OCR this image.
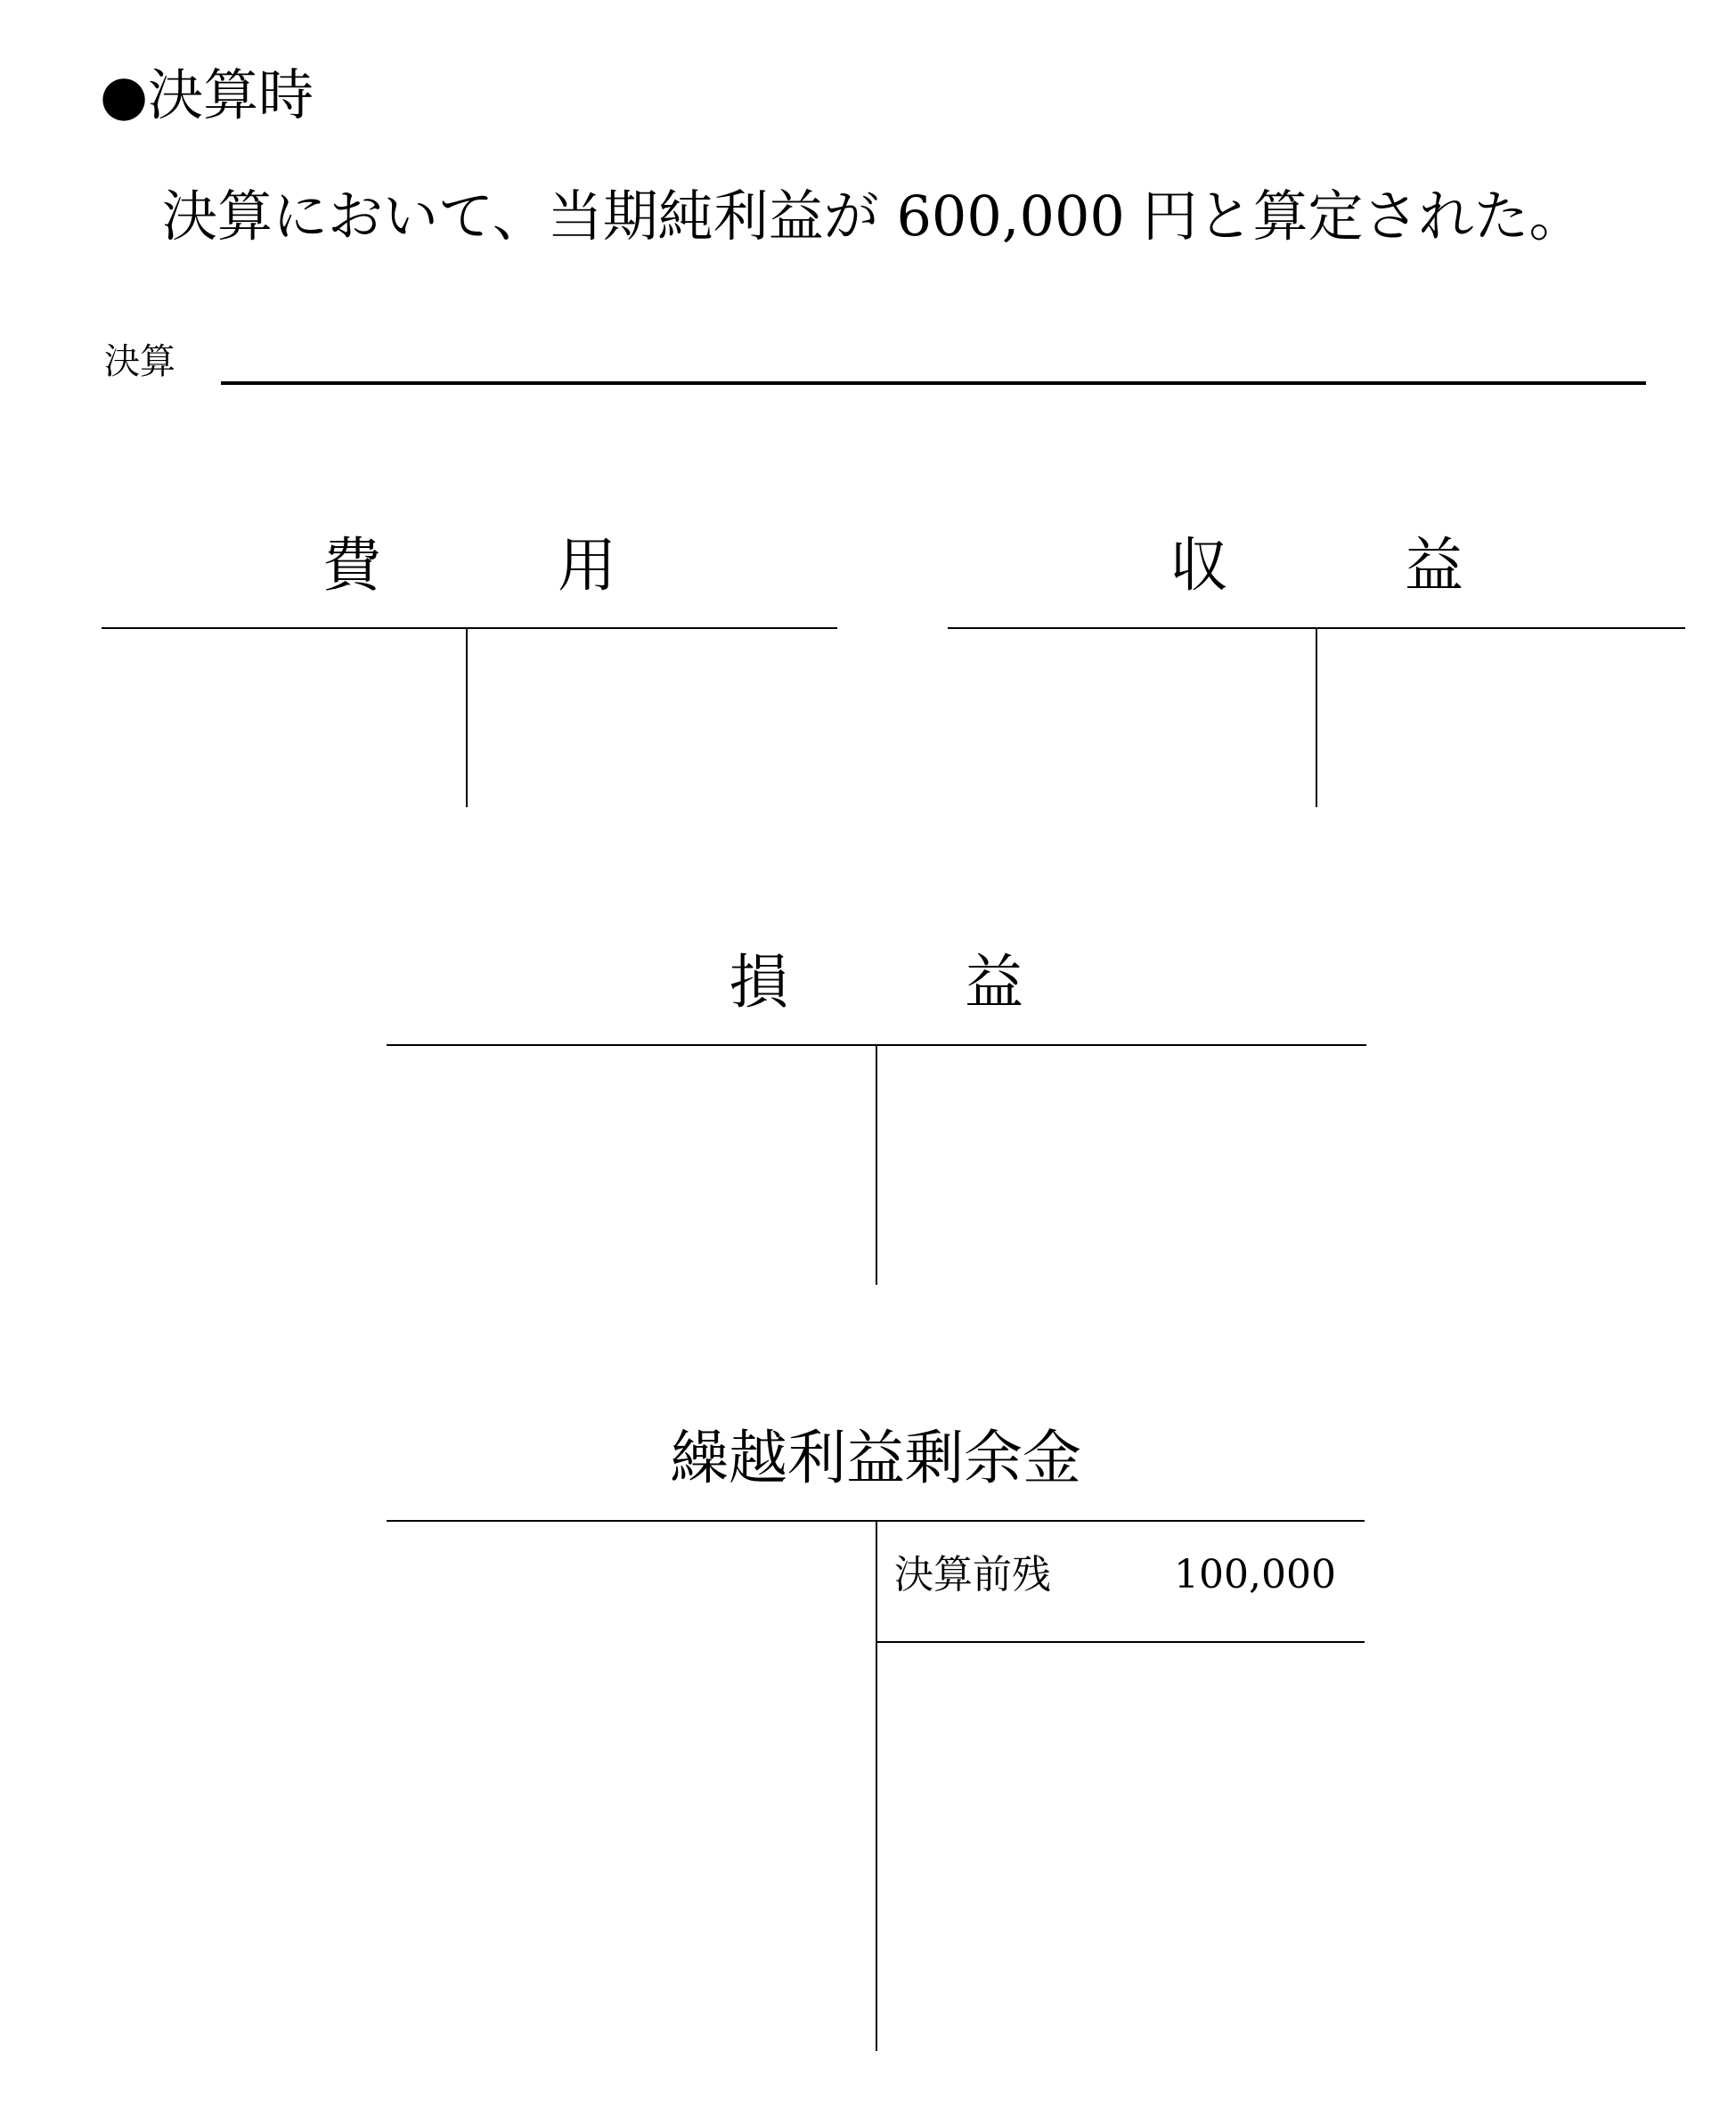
●決算時
決算において、当期純利益が 600,000 円と算定された。
決算
費　　　用	収　　　益
損　　　益
繰越利益剰余金
決算前残	100,000
